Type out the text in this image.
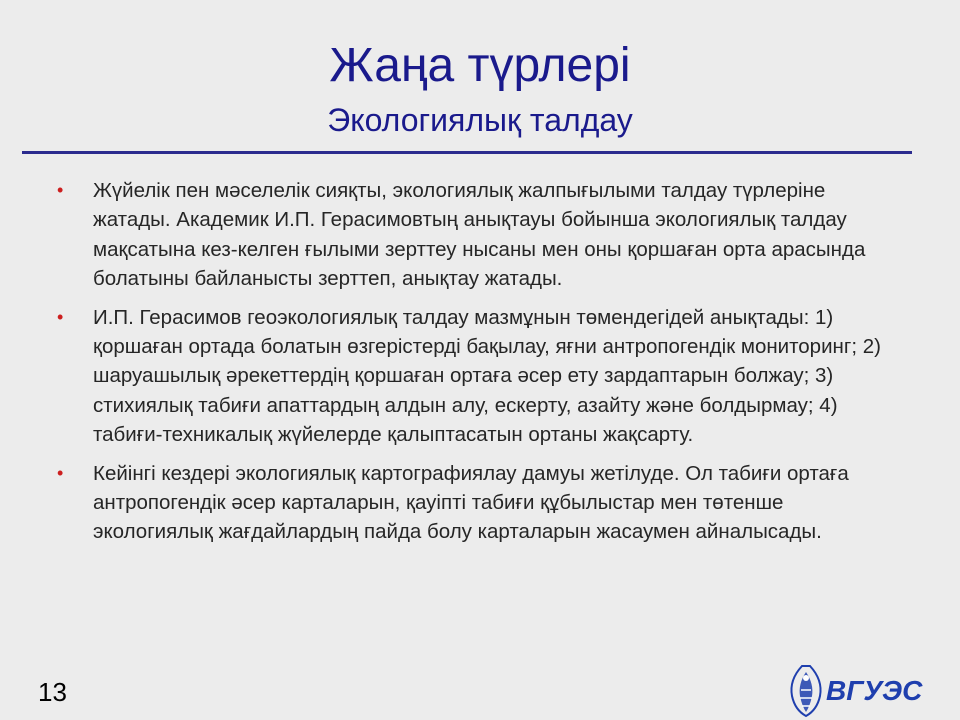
Жаңа түрлері
Экологиялық талдау
• Жүйелік пен мәселелік сияқты, экологиялық жалпығылыми талдау түрлеріне жатады. Академик И.П. Герасимовтың анықтауы бойынша экологиялық талдау мақсатына кез-келген ғылыми зерттеу нысаны мен оны қоршаған орта арасында болатыны байланысты зерттеп, анықтау жатады.
• И.П. Герасимов геоэкологиялық талдау мазмұнын төмендегідей анықтады: 1) қоршаған ортада болатын өзгерістерді бақылау, яғни антропогендік мониторинг; 2) шаруашылық әрекеттердің қоршаған ортаға әсер ету зардаптарын болжау; 3) стихиялық табиғи апаттардың алдын алу, ескерту, азайту және болдырмау; 4) табиғи-техникалық жүйелерде қалыптасатын ортаны жақсарту.
• Кейінгі кездері экологиялық картографиялау дамуы жетілуде. Ол табиғи ортаға антропогендік әсер карталарын, қауіпті табиғи құбылыстар мен төтенше экологиялық жағдайлардың пайда болу карталарын жасаумен айналысады.
13	ВГУЭС
